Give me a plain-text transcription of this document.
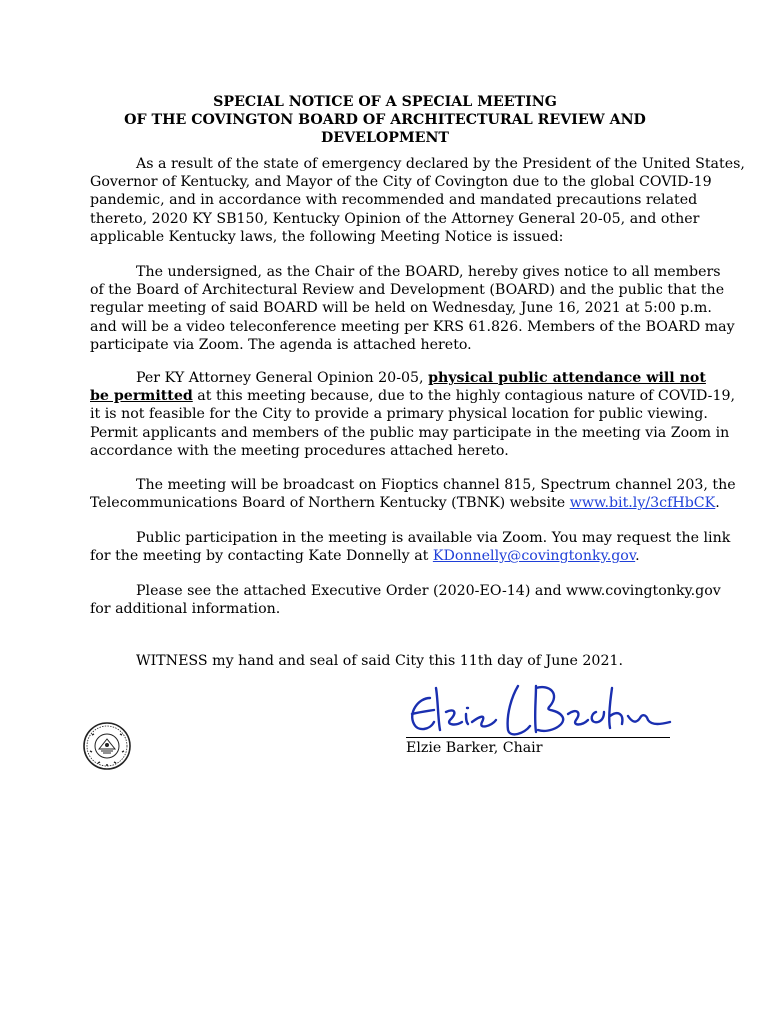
SPECIAL NOTICE OF A SPECIAL MEETING
OF THE COVINGTON BOARD OF ARCHITECTURAL REVIEW AND
DEVELOPMENT
As a result of the state of emergency declared by the President of the United States,
Governor of Kentucky, and Mayor of the City of Covington due to the global COVID-19
pandemic, and in accordance with recommended and mandated precautions related
thereto, 2020 KY SB150, Kentucky Opinion of the Attorney General 20-05, and other
applicable Kentucky laws, the following Meeting Notice is issued:
The undersigned, as the Chair of the BOARD, hereby gives notice to all members
of the Board of Architectural Review and Development (BOARD) and the public that the
regular meeting of said BOARD will be held on Wednesday, June 16, 2021 at 5:00 p.m.
and will be a video teleconference meeting per KRS 61.826. Members of the BOARD may
participate via Zoom. The agenda is attached hereto.
Per KY Attorney General Opinion 20-05, physical public attendance will not
be permitted at this meeting because, due to the highly contagious nature of COVID-19,
it is not feasible for the City to provide a primary physical location for public viewing.
Permit applicants and members of the public may participate in the meeting via Zoom in
accordance with the meeting procedures attached hereto.
The meeting will be broadcast on Fioptics channel 815, Spectrum channel 203, the
Telecommunications Board of Northern Kentucky (TBNK) website www.bit.ly/3cfHbCK.
Public participation in the meeting is available via Zoom. You may request the link
for the meeting by contacting Kate Donnelly at KDonnelly@covingtonky.gov.
Please see the attached Executive Order (2020-EO-14) and www.covingtonky.gov
for additional information.
WITNESS my hand and seal of said City this 11th day of June 2021.
Elzie Barker, Chair
